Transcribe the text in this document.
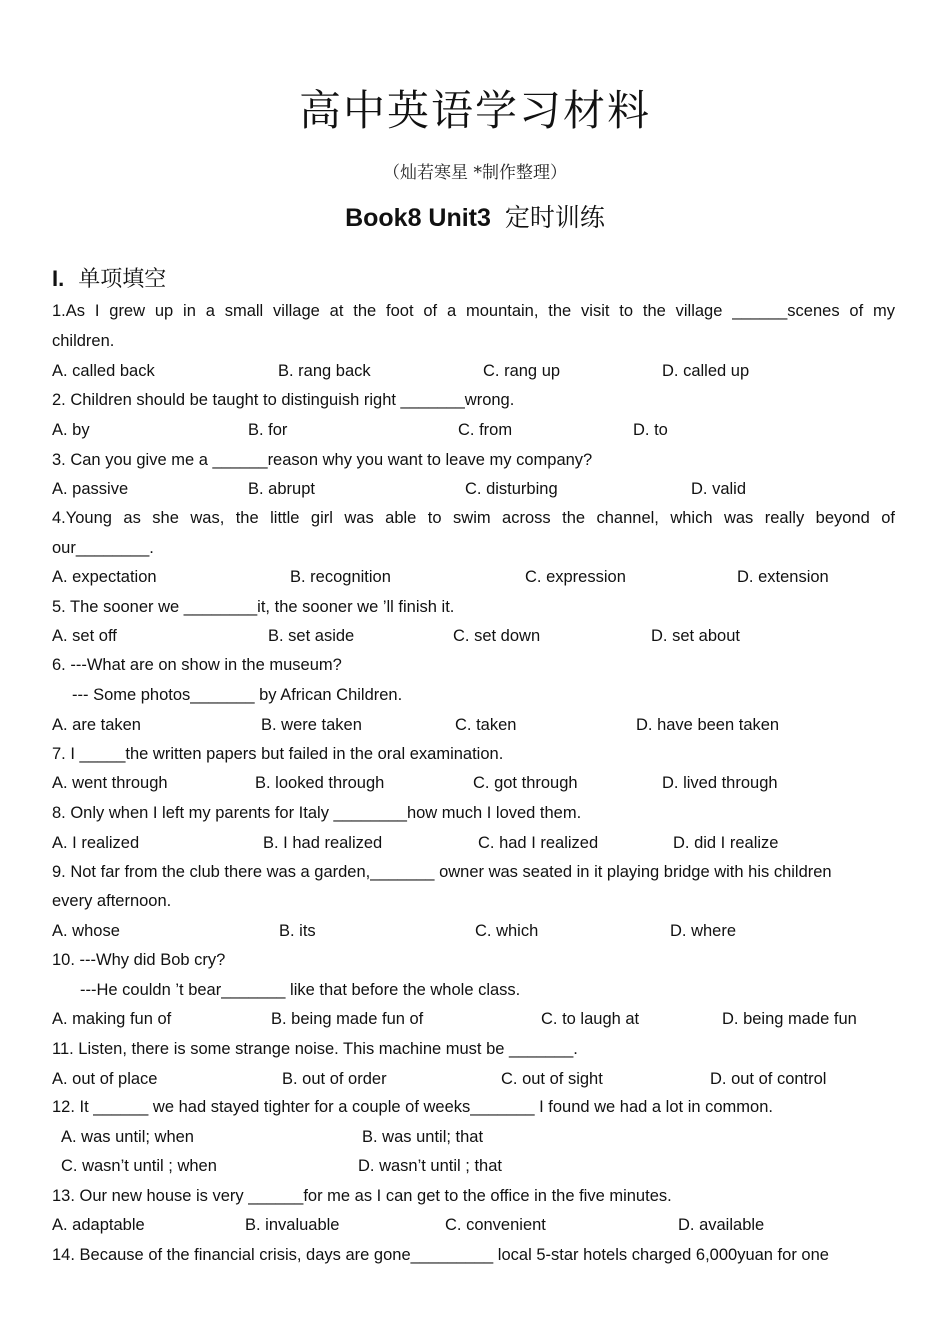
高中英语学习材料
（灿若寒星 *制作整理）
Book8 Unit3 定时训练
I. 单项填空
1.As I grew up in a small village at the foot of a mountain, the visit to the village ______scenes of my
children.
A. called back	B. rang back	C. rang up	D. called up
2. Children should be taught to distinguish right _______wrong.
A. by	B. for	C. from	D. to
3. Can you give me a ______reason why you want to leave my company?
A. passive	B. abrupt	C. disturbing	D. valid
4.Young as she was, the little girl was able to swim across the channel, which was really beyond of
our________.
A. expectation	B. recognition	C. expression	D. extension
5. The sooner we ________it, the sooner we ’ll finish it.
A. set off	B. set aside	C. set down	D. set about
6. ---What are on show in the museum?
--- Some photos_______ by African Children.
A. are taken	B. were taken	C. taken	D. have been taken
7. I _____the written papers but failed in the oral examination.
A. went through	B. looked through	C. got through	D. lived through
8. Only when I left my parents for Italy ________how much I loved them.
A. I realized	B. I had realized	C. had I realized	D. did I realize
9. Not far from the club there was a garden,_______ owner was seated in it playing bridge with his children
every afternoon.
A. whose	B. its	C. which	D. where
10. ---Why did Bob cry?
---He couldn ’t bear_______ like that before the whole class.
A. making fun of	B. being made fun of	C. to laugh at	D. being made fun
11. Listen, there is some strange noise. This machine must be _______.
A. out of place	B. out of order	C. out of sight	D. out of control
12. It ______ we had stayed tighter for a couple of weeks_______ I found we had a lot in common.
A. was until; when	B. was until; that
C. wasn’t until ; when	D. wasn’t until ; that
13. Our new house is very ______for me as I can get to the office in the five minutes.
A. adaptable	B. invaluable	C. convenient	D. available
14. Because of the financial crisis, days are gone_________ local 5-star hotels charged 6,000yuan for one
